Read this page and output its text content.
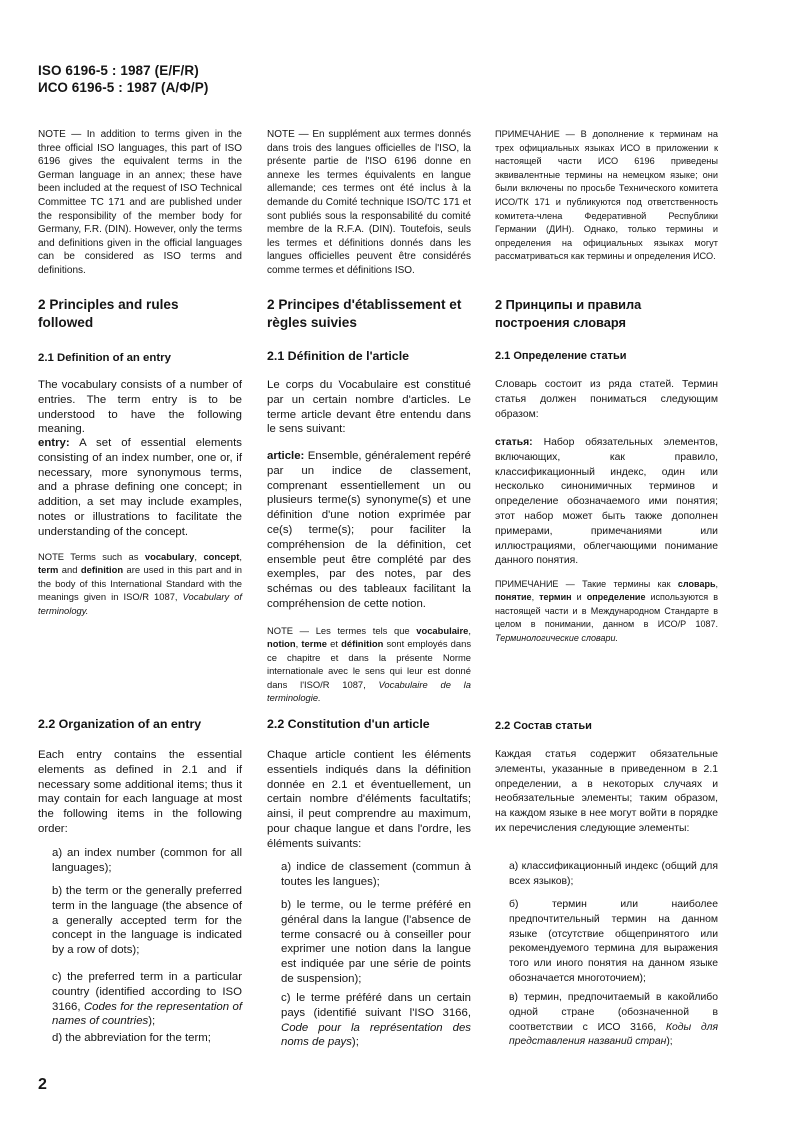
ISO 6196-5 : 1987 (E/F/R)
ИСО 6196-5 : 1987 (А/Ф/Р)

NOTE — In addition to terms given in the three official ISO languages, this part of ISO 6196 gives the equivalent terms in the German language in an annex; these have been included at the request of ISO Technical Committee TC 171 and are published under the responsibility of the member body for Germany, F.R. (DIN). However, only the terms and definitions given in the official languages can be considered as ISO terms and definitions.

2 Principles and rules followed
2.1 Definition of an entry

The vocabulary consists of a number of entries. The term entry is to be understood to have the following meaning.

entry: A set of essential elements consisting of an index number, one or, if necessary, more synonymous terms, and a phrase defining one concept; in addition, a set may include examples, notes or illustrations to facilitate the understanding of the concept.

NOTE Terms such as vocabulary, concept, term and definition are used in this part and in the body of this International Standard with the meanings given in ISO/R 1087, Vocabulary of terminology.

2.2 Organization of an entry

Each entry contains the essential elements as defined in 2.1 and if necessary some additional items; thus it may contain for each language at most the following items in the following order:

a) an index number (common for all languages);

b) the term or the generally preferred term in the language (the absence of a generally accepted term for the concept in the language is indicated by a row of dots);

c) the preferred term in a particular country (identified according to ISO 3166, Codes for the representation of names of countries);

d) the abbreviation for the term;

NOTE — En supplément aux termes donnés dans trois des langues officielles de l'ISO, la présente partie de l'ISO 6196 donne en annexe les termes équivalents en langue allemande; ces termes ont été inclus à la demande du Comité technique ISO/TC 171 et sont publiés sous la responsabilité du comité membre de la R.F.A. (DIN). Toutefois, seuls les termes et définitions donnés dans les langues officielles peuvent être considérés comme termes et définitions ISO.

2 Principes d'établissement et règles suivies
2.1 Définition de l'article

Le corps du Vocabulaire est constitué par un certain nombre d'articles. Le terme article devant être entendu dans le sens suivant:

article: Ensemble, généralement repéré par un indice de classement, comprenant essentiellement un ou plusieurs terme(s) synonyme(s) et une définition d'une notion exprimée par ce(s) terme(s); pour faciliter la compréhension de la définition, cet ensemble peut être complété par des exemples, par des notes, par des schémas ou des tableaux facilitant la compréhension de cette notion.

NOTE — Les termes tels que vocabulaire, notion, terme et définition sont employés dans ce chapitre et dans la présente Norme internationale avec le sens qui leur est donné dans l'ISO/R 1087, Vocabulaire de la terminologie.

2.2 Constitution d'un article

Chaque article contient les éléments essentiels indiqués dans la définition donnée en 2.1 et éventuellement, un certain nombre d'éléments facultatifs; ainsi, il peut comprendre au maximum, pour chaque langue et dans l'ordre, les éléments suivants:

a) indice de classement (commun à toutes les langues);

b) le terme, ou le terme préféré en général dans la langue (l'absence de terme consacré ou à conseiller pour exprimer une notion dans la langue est indiquée par une série de points de suspension);

c) le terme préféré dans un certain pays (identifié suivant l'ISO 3166, Code pour la représentation des noms de pays);

ПРИМЕЧАНИЕ — В дополнение к терминам на трех официальных языках ИСО в приложении к настоящей части ИСО 6196 приведены эквивалентные термины на немецком языке; они были включены по просьбе Технического комитета ИСО/ТК 171 и публикуются под ответственность комитета-члена Федеративной Республики Германии (ДИН). Однако, только термины и определения на официальных языках могут рассматриваться как термины и определения ИСО.

2 Принципы и правила построения словаря
2.1 Определение статьи

Словарь состоит из ряда статей. Термин статья должен пониматься следующим образом:

статья: Набор обязательных элементов, включающих, как правило, классификационный индекс, один или несколько синонимичных терминов и определение обозначаемого ими понятия; этот набор может быть также дополнен примерами, примечаниями или иллюстрациями, облегчающими понимание данного понятия.

ПРИМЕЧАНИЕ — Такие термины как словарь, понятие, термин и определение используются в настоящей части и в Международном Стандарте в целом в понимании, данном в ИСО/Р 1087. Терминологические словари.

2.2 Состав статьи

Каждая статья содержит обязательные элементы, указанные в приведенном в 2.1 определении, а в некоторых случаях и необязательные элементы; таким образом, на каждом языке в нее могут войти в порядке их перечисления следующие элементы:

а) классификационный индекс (общий для всех языков);

б) термин или наиболее предпочтительный термин на данном языке (отсутствие общепринятого или рекомендуемого термина для выражения того или иного понятия на данном языке обозначается многоточием);

в) термин, предпочитаемый в какойлибо одной стране (обозначенной в соответствии с ИСО 3166, Коды для представления названий стран);

2
